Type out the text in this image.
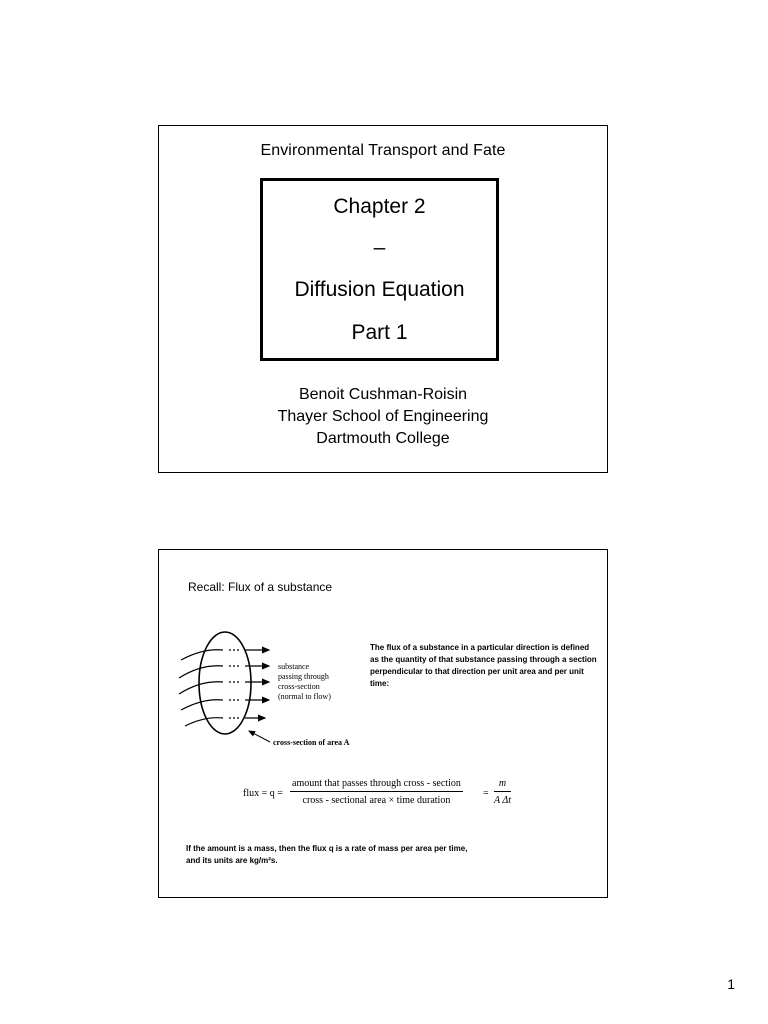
Environmental Transport and Fate
Chapter 2
–
Diffusion Equation
Part 1
Benoit Cushman-Roisin
Thayer School of Engineering
Dartmouth College
Recall: Flux of a substance
substance
passing through
cross-section
(normal to flow)
cross-section of area A
The flux of a substance in a particular direction is defined as the quantity of that substance passing through a section perpendicular to that direction per unit area and per unit time:
flux = q =
amount that passes through cross - section
cross - sectional area × time duration
= $\frac{m}{\text{A Δt}}$
If the amount is a mass, then the flux q is a rate of mass per area per time,
and its units are kg/m²s.
1
